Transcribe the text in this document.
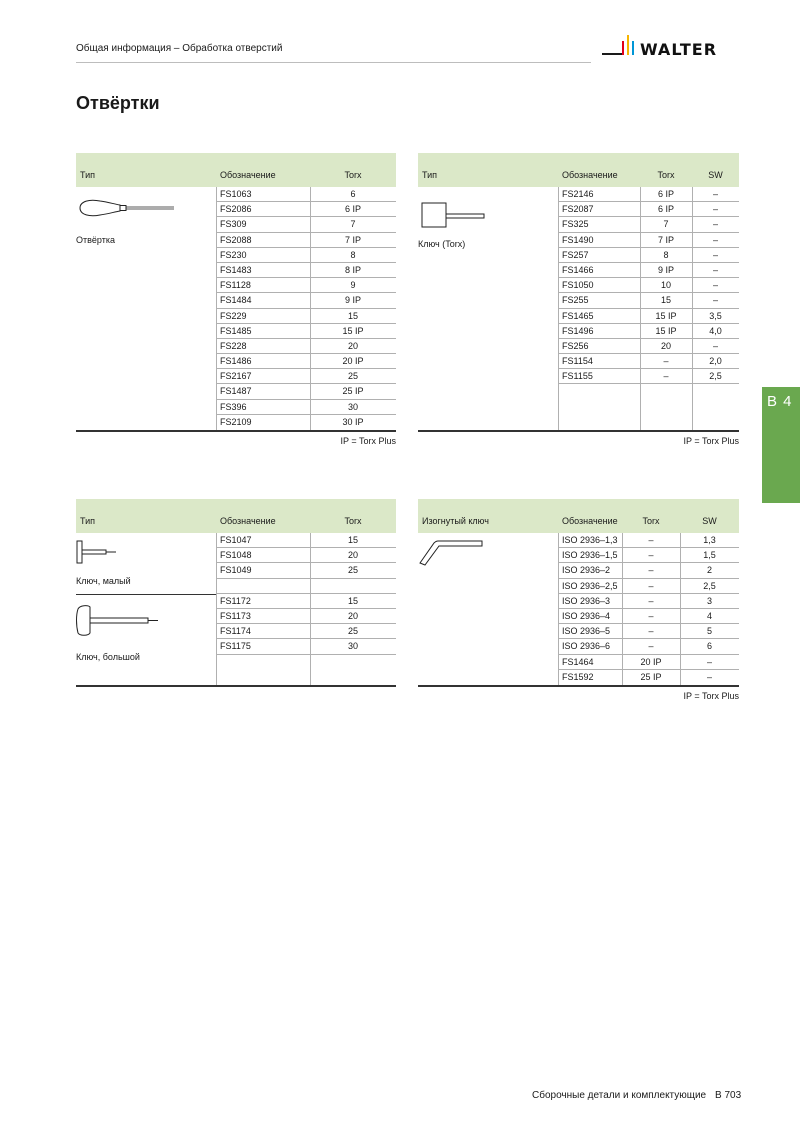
Общая информация – Обработка отверстий	WALTER
Отвёртки
Тип	Обозначение	Torx
Отвёртка
FS1063	6
FS2086	6 IP
FS309	7
FS2088	7 IP
FS230	8
FS1483	8 IP
FS1128	9
FS1484	9 IP
FS229	15
FS1485	15 IP
FS228	20
FS1486	20 IP
FS2167	25
FS1487	25 IP
FS396	30
FS2109	30 IP
IP = Torx Plus
Тип	Обозначение	Torx	SW
Ключ (Torx)
FS2146	6 IP	–
FS2087	6 IP	–
FS325	7	–
FS1490	7 IP	–
FS257	8	–
FS1466	9 IP	–
FS1050	10	–
FS255	15	–
FS1465	15 IP	3,5
FS1496	15 IP	4,0
FS256	20	–
FS1154	–	2,0
FS1155	–	2,5
IP = Torx Plus
B 4
Тип	Обозначение	Torx
Ключ, малый
Ключ, большой
FS1047	15
FS1048	20
FS1049	25
FS1172	15
FS1173	20
FS1174	25
FS1175	30
Изогнутый ключ	Обозначение	Torx	SW
ISO 2936–1,3	–	1,3
ISO 2936–1,5	–	1,5
ISO 2936–2	–	2
ISO 2936–2,5	–	2,5
ISO 2936–3	–	3
ISO 2936–4	–	4
ISO 2936–5	–	5
ISO 2936–6	–	6
FS1464	20 IP	–
FS1592	25 IP	–
IP = Torx Plus
Сборочные детали и комплектующие B 703
